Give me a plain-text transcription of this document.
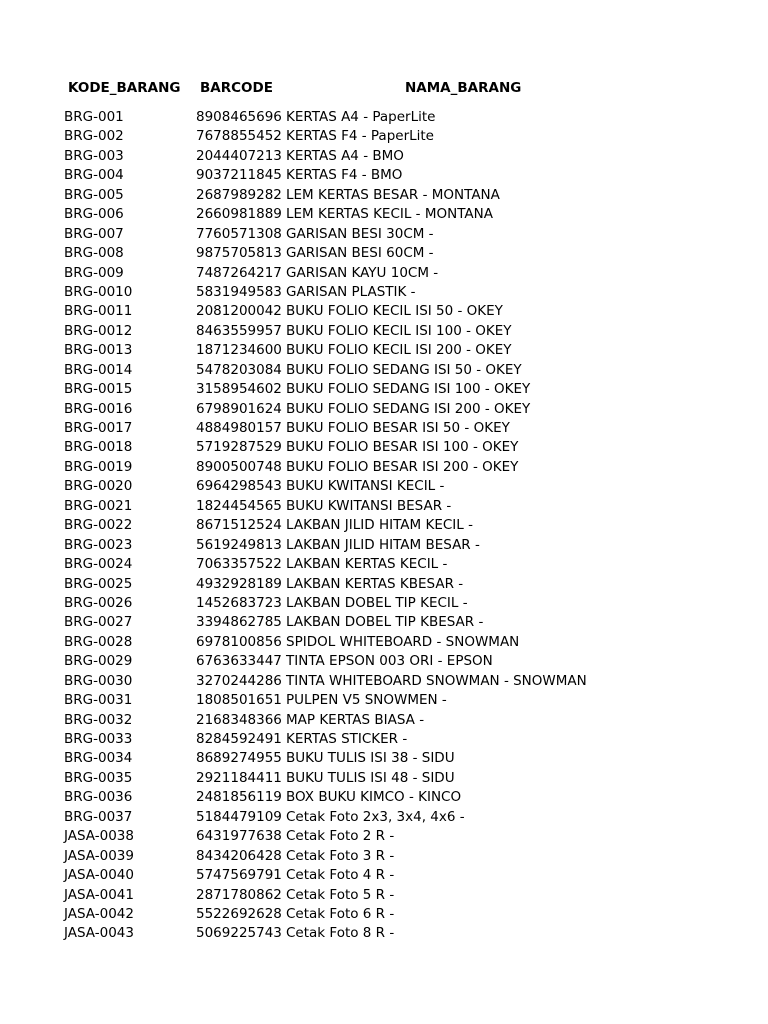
KODE_BARANG BARCODE	NAMA_BARANG
BRG-001	8908465696 KERTAS A4 - PaperLite
BRG-002	7678855452 KERTAS F4 - PaperLite
BRG-003	2044407213 KERTAS A4 - BMO
BRG-004	9037211845 KERTAS F4 - BMO
BRG-005	2687989282 LEM KERTAS BESAR - MONTANA
BRG-006	2660981889 LEM KERTAS KECIL - MONTANA
BRG-007	7760571308 GARISAN BESI 30CM -
BRG-008	9875705813 GARISAN BESI 60CM -
BRG-009	7487264217 GARISAN KAYU 10CM -
BRG-0010	5831949583 GARISAN PLASTIK -
BRG-0011	2081200042 BUKU FOLIO KECIL ISI 50 - OKEY
BRG-0012	8463559957 BUKU FOLIO KECIL ISI 100 - OKEY
BRG-0013	1871234600 BUKU FOLIO KECIL ISI 200 - OKEY
BRG-0014	5478203084 BUKU FOLIO SEDANG ISI 50 - OKEY
BRG-0015	3158954602 BUKU FOLIO SEDANG ISI 100 - OKEY
BRG-0016	6798901624 BUKU FOLIO SEDANG ISI 200 - OKEY
BRG-0017	4884980157 BUKU FOLIO BESAR ISI 50 - OKEY
BRG-0018	5719287529 BUKU FOLIO BESAR ISI 100 - OKEY
BRG-0019	8900500748 BUKU FOLIO BESAR ISI 200 - OKEY
BRG-0020	6964298543 BUKU KWITANSI KECIL -
BRG-0021	1824454565 BUKU KWITANSI BESAR -
BRG-0022	8671512524 LAKBAN JILID HITAM KECIL -
BRG-0023	5619249813 LAKBAN JILID HITAM BESAR -
BRG-0024	7063357522 LAKBAN KERTAS KECIL -
BRG-0025	4932928189 LAKBAN KERTAS KBESAR -
BRG-0026	1452683723 LAKBAN DOBEL TIP KECIL -
BRG-0027	3394862785 LAKBAN DOBEL TIP KBESAR -
BRG-0028	6978100856 SPIDOL WHITEBOARD - SNOWMAN
BRG-0029	6763633447 TINTA EPSON 003 ORI - EPSON
BRG-0030	3270244286 TINTA WHITEBOARD SNOWMAN - SNOWMAN
BRG-0031	1808501651 PULPEN V5 SNOWMEN -
BRG-0032	2168348366 MAP KERTAS BIASA -
BRG-0033	8284592491 KERTAS STICKER -
BRG-0034	8689274955 BUKU TULIS ISI 38 - SIDU
BRG-0035	2921184411 BUKU TULIS ISI 48 - SIDU
BRG-0036	2481856119 BOX BUKU KIMCO - KINCO
BRG-0037	5184479109 Cetak Foto 2x3, 3x4, 4x6 -
JASA-0038	6431977638 Cetak Foto 2 R -
JASA-0039	8434206428 Cetak Foto 3 R -
JASA-0040	5747569791 Cetak Foto 4 R -
JASA-0041	2871780862 Cetak Foto 5 R -
JASA-0042	5522692628 Cetak Foto 6 R -
JASA-0043	5069225743 Cetak Foto 8 R -
